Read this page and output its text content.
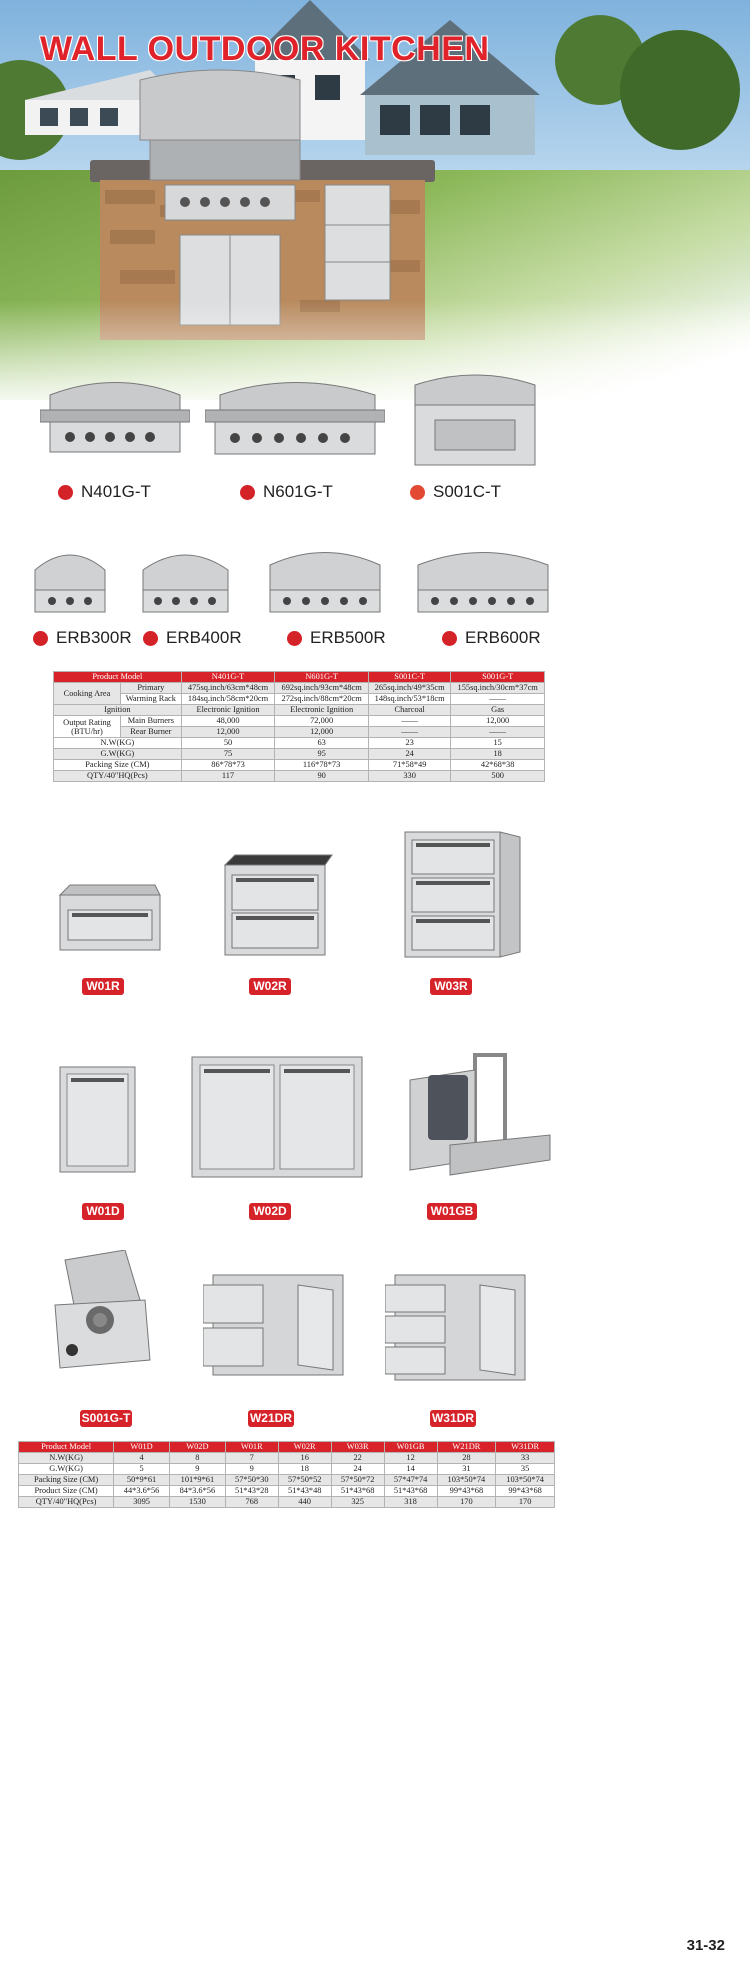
WALL OUTDOOR KITCHEN
N401G-T	N601G-T	S001C-T
ERB300R ERB400R	ERB500R	ERB600R
Product Model		N401G-T	N601G-T	S001C-T	S001G-T
Cooking Area	Primary	475sq.inch/63cm*48cm	692sq.inch/93cm*48cm	265sq.inch/49*35cm	155sq.inch/30cm*37cm
	Warming Rack	184sq.inch/58cm*20cm	272sq.inch/88cm*20cm	148sq.inch/53*18cm	——
Ignition		Electronic Ignition	Electronic Ignition	Charcoal	Gas
Output Rating (BTU/hr)	Main Burners	48,000	72,000	——	12,000
	Rear Burner	12,000	12,000	——	——
N.W(KG)		50	63	23	15
G.W(KG)		75	95	24	18
Packing Size (CM)		86*78*73	116*78*73	71*58*49	42*68*38
QTY/40"HQ(Pcs)		117	90	330	500
W01R	W02R	W03R
W01D	W02D	W01GB
S001G-T	W21DR	W31DR
Product Model	W01D	W02D	W01R	W02R	W03R	W01GB	W21DR	W31DR
N.W(KG)	4	8	7	16	22	12	28	33
G.W(KG)	5	9	9	18	24	14	31	35
Packing Size (CM)	50*9*61	101*9*61	57*50*30	57*50*52	57*50*72	57*47*74	103*50*74	103*50*74
Product Size (CM)	44*3.6*56	84*3.6*56	51*43*28	51*43*48	51*43*68	51*43*68	99*43*68	99*43*68
QTY/40"HQ(Pcs)	3095	1530	768	440	325	318	170	170
31-32
